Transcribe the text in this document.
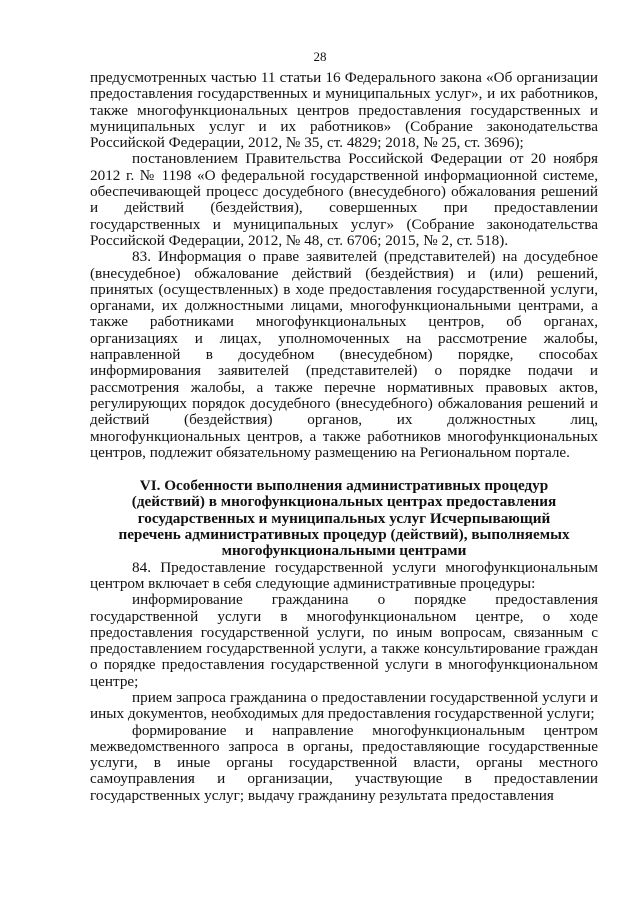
28

предусмотренных частью 11 статьи 16 Федерального закона «Об организации предоставления государственных и муниципальных услуг», и их работников, также многофункциональных центров предоставления государственных и муниципальных услуг и их работников» (Собрание законодательства Российской Федерации, 2012, № 35, ст. 4829; 2018, № 25, ст. 3696);

постановлением Правительства Российской Федерации от 20 ноября 2012 г. № 1198 «О федеральной государственной информационной системе, обеспечивающей процесс досудебного (внесудебного) обжалования решений и действий (бездействия), совершенных при предоставлении государственных и муниципальных услуг» (Собрание законодательства Российской Федерации, 2012, № 48, ст. 6706; 2015, № 2, ст. 518).

83. Информация о праве заявителей (представителей) на досудебное (внесудебное) обжалование действий (бездействия) и (или) решений, принятых (осуществленных) в ходе предоставления государственной услуги, органами, их должностными лицами, многофункциональными центрами, а также работниками многофункциональных центров, об органах, организациях и лицах, уполномоченных на рассмотрение жалобы, направленной в досудебном (внесудебном) порядке, способах информирования заявителей (представителей) о порядке подачи и рассмотрения жалобы, а также перечне нормативных правовых актов, регулирующих порядок досудебного (внесудебного) обжалования решений и действий (бездействия) органов, их должностных лиц, многофункциональных центров, а также работников многофункциональных центров, подлежит обязательному размещению на Региональном портале.

VI. Особенности выполнения административных процедур (действий) в многофункциональных центрах предоставления государственных и муниципальных услуг Исчерпывающий перечень административных процедур (действий), выполняемых многофункциональными центрами

84. Предоставление государственной услуги многофункциональным центром включает в себя следующие административные процедуры:

информирование гражданина о порядке предоставления государственной услуги в многофункциональном центре, о ходе предоставления государственной услуги, по иным вопросам, связанным с предоставлением государственной услуги, а также консультирование граждан о порядке предоставления государственной услуги в многофункциональном центре;

прием запроса гражданина о предоставлении государственной услуги и иных документов, необходимых для предоставления государственной услуги;

формирование и направление многофункциональным центром межведомственного запроса в органы, предоставляющие государственные услуги, в иные органы государственной власти, органы местного самоуправления и организации, участвующие в предоставлении государственных услуг; выдачу гражданину результата предоставления
